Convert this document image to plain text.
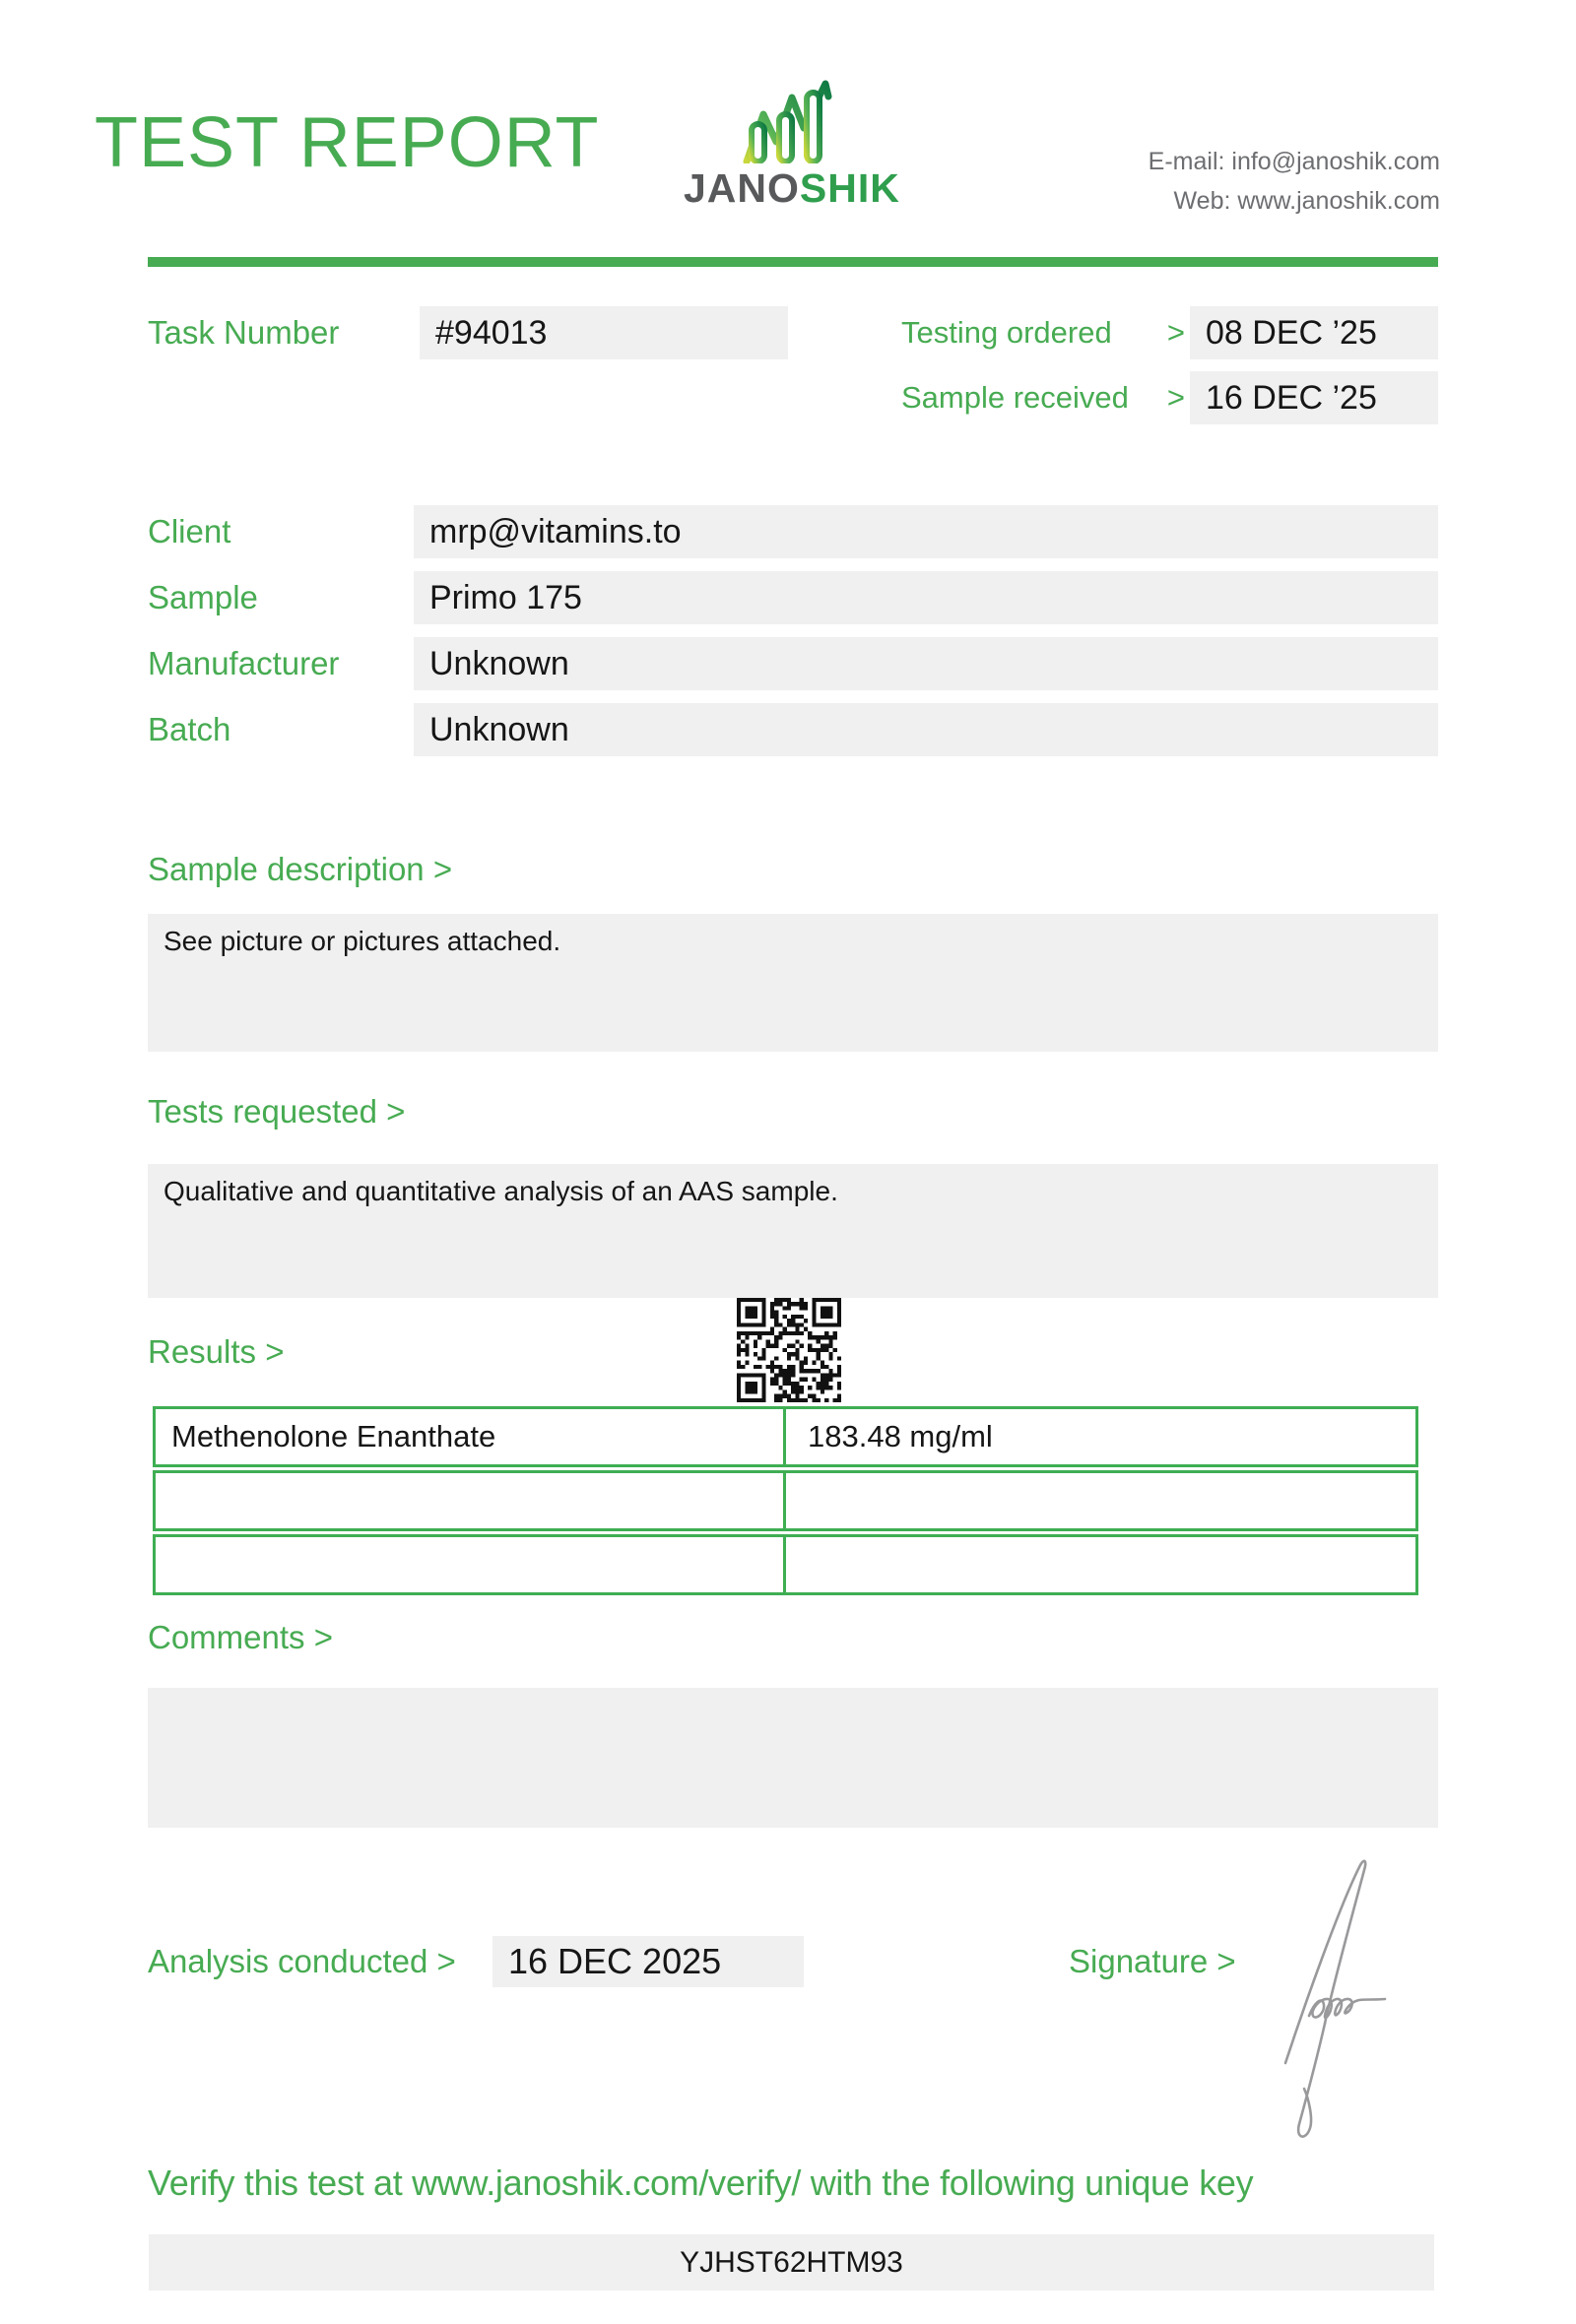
TEST REPORT
JANOSHIK
E-mail: info@janoshik.com
Web: www.janoshik.com
Task Number	#94013	Testing ordered > 08 DEC ’25
Sample received > 16 DEC ’25
Client	mrp@vitamins.to
Sample	Primo 175
Manufacturer	Unknown
Batch	Unknown
Sample description >
See picture or pictures attached.
Tests requested >
Qualitative and quantitative analysis of an AAS sample.
Results >
Methenolone Enanthate	183.48 mg/ml
Comments >
Analysis conducted >	16 DEC 2025	Signature >
Verify this test at www.janoshik.com/verify/ with the following unique key
YJHST62HTM93
